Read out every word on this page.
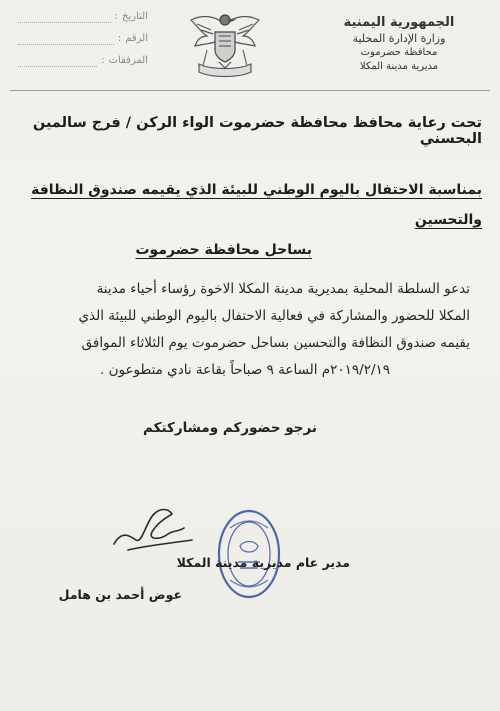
الجمهورية اليمنية
وزارة الإدارة المحلية
محافظة حضرموت
مديرية مدينة المكلا
التاريخ
:
الرقم
:
المرفقات
:
تحت رعاية محافظ محافظة حضرموت الواء الركن / فرج سالمين البحسني
بمناسبة الاحتفال باليوم الوطني للبيئة الذي يقيمه صندوق النظافة والتحسين
بساحل محافظة حضرموت
تدعو السلطة المحلية بمديرية مدينة المكلا الاخوة رؤساء أحياء مدينة
المكلا للحضور والمشاركة في فعالية الاحتفال باليوم الوطني للبيئة الذي
يقيمه صندوق النظافة والتحسين بساحل حضرموت يوم الثلاثاء الموافق
٢٠١٩/٢/١٩م الساعة ٩ صباحاً بقاعة نادي متطوعون .
نرجو حضوركم ومشاركتكم
مدير عام مديرية مدينة المكلا
عوض أحمد بن هامل
